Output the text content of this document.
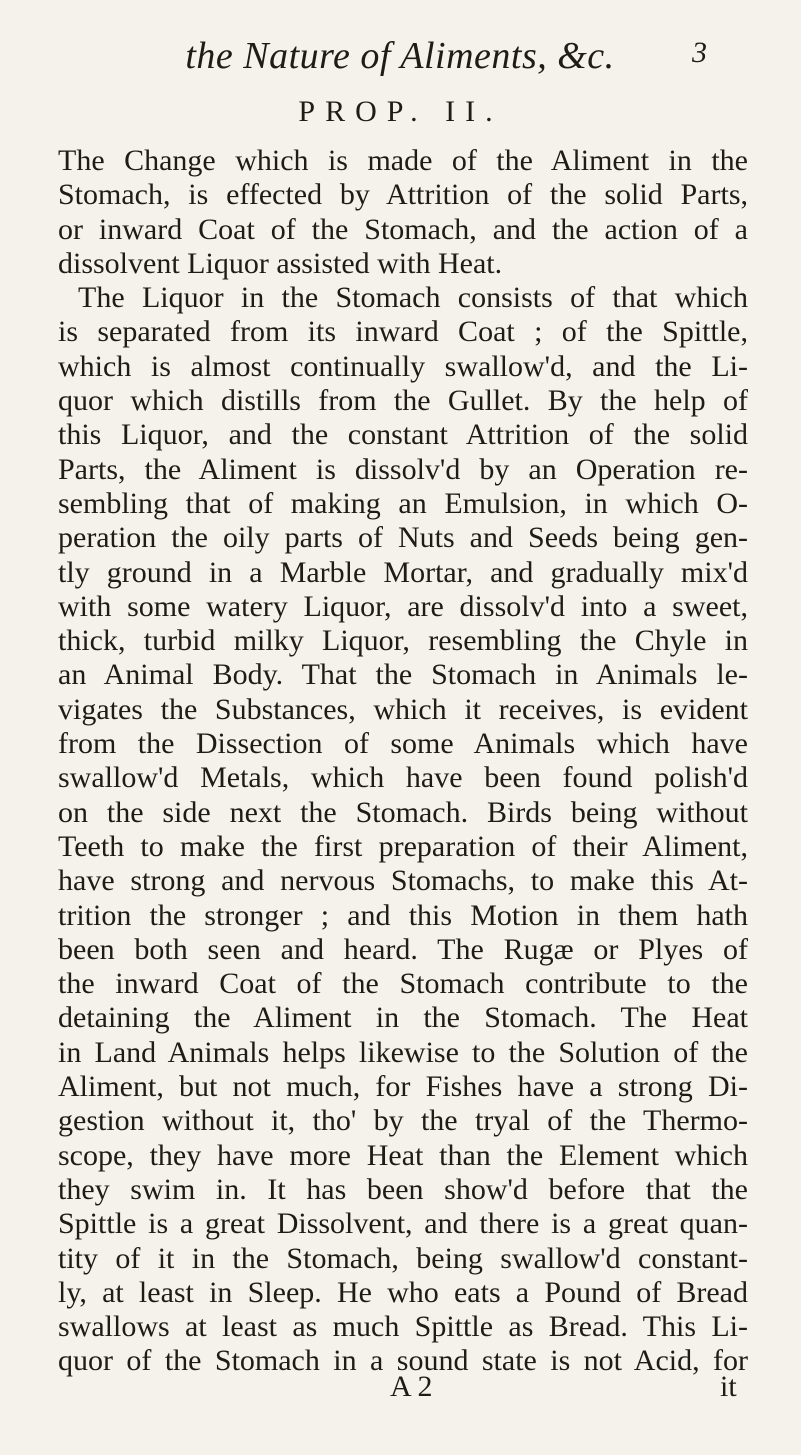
the Nature of Aliments, &c.	3
PROP. II.
The Change which is made of the Aliment in the
Stomach, is effected by Attrition of the solid Parts,
or inward Coat of the Stomach, and the action of a
dissolvent Liquor assisted with Heat.
The Liquor in the Stomach consists of that which
is separated from its inward Coat ; of the Spittle,
which is almost continually swallow'd, and the Li-
quor which distills from the Gullet. By the help of
this Liquor, and the constant Attrition of the solid
Parts, the Aliment is dissolv'd by an Operation re-
sembling that of making an Emulsion, in which O-
peration the oily parts of Nuts and Seeds being gen-
tly ground in a Marble Mortar, and gradually mix'd
with some watery Liquor, are dissolv'd into a sweet,
thick, turbid milky Liquor, resembling the Chyle in
an Animal Body. That the Stomach in Animals le-
vigates the Substances, which it receives, is evident
from the Dissection of some Animals which have
swallow'd Metals, which have been found polish'd
on the side next the Stomach. Birds being without
Teeth to make the first preparation of their Aliment,
have strong and nervous Stomachs, to make this At-
trition the stronger ; and this Motion in them hath
been both seen and heard. The Rugæ or Plyes of
the inward Coat of the Stomach contribute to the
detaining the Aliment in the Stomach. The Heat
in Land Animals helps likewise to the Solution of the
Aliment, but not much, for Fishes have a strong Di-
gestion without it, tho' by the tryal of the Thermo-
scope, they have more Heat than the Element which
they swim in. It has been show'd before that the
Spittle is a great Dissolvent, and there is a great quan-
tity of it in the Stomach, being swallow'd constant-
ly, at least in Sleep. He who eats a Pound of Bread
swallows at least as much Spittle as Bread. This Li-
quor of the Stomach in a sound state is not Acid, for
A 2	it
